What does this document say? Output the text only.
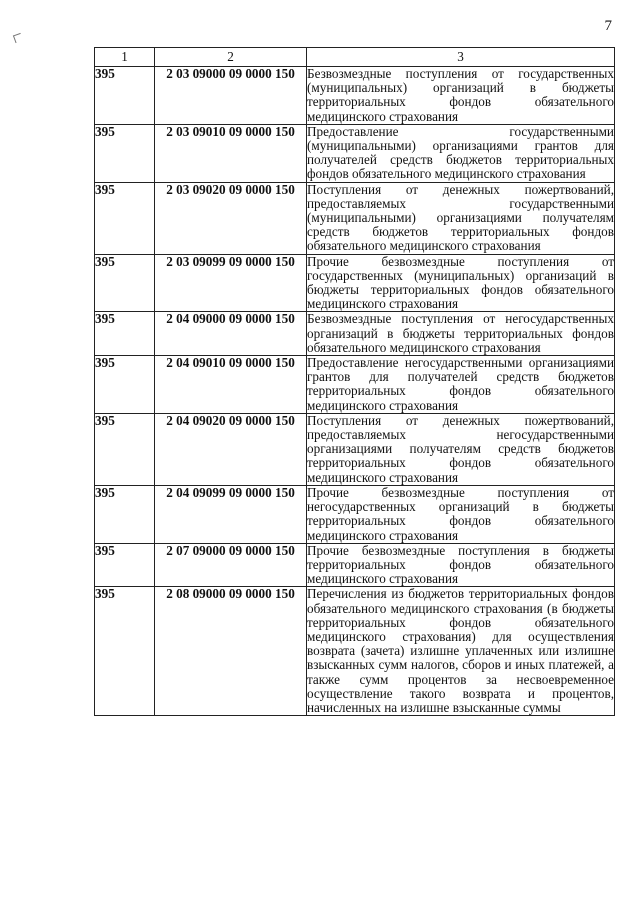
7
1	2	3
395	2 03 09000 09 0000 150	Безвозмездные поступления от государственных (муниципальных) организаций в бюджеты территориальных фондов обязательного медицинского страхования
395	2 03 09010 09 0000 150	Предоставление государственными (муниципальными) организациями грантов для получателей средств бюджетов территориальных фондов обязательного медицинского страхования
395	2 03 09020 09 0000 150	Поступления от денежных пожертвований, предоставляемых государственными (муниципальными) организациями получателям средств бюджетов территориальных фондов обязательного медицинского страхования
395	2 03 09099 09 0000 150	Прочие безвозмездные поступления от государственных (муниципальных) организаций в бюджеты территориальных фондов обязательного медицинского страхования
395	2 04 09000 09 0000 150	Безвозмездные поступления от негосударственных организаций в бюджеты территориальных фондов обязательного медицинского страхования
395	2 04 09010 09 0000 150	Предоставление негосударственными организациями грантов для получателей средств бюджетов территориальных фондов обязательного медицинского страхования
395	2 04 09020 09 0000 150	Поступления от денежных пожертвований, предоставляемых негосударственными организациями получателям средств бюджетов территориальных фондов обязательного медицинского страхования
395	2 04 09099 09 0000 150	Прочие безвозмездные поступления от негосударственных организаций в бюджеты территориальных фондов обязательного медицинского страхования
395	2 07 09000 09 0000 150	Прочие безвозмездные поступления в бюджеты территориальных фондов обязательного медицинского страхования
395	2 08 09000 09 0000 150	Перечисления из бюджетов территориальных фондов обязательного медицинского страхования (в бюджеты территориальных фондов обязательного медицинского страхования) для осуществления возврата (зачета) излишне уплаченных или излишне взысканных сумм налогов, сборов и иных платежей, а также сумм процентов за несвоевременное осуществление такого возврата и процентов, начисленных на излишне взысканные суммы
